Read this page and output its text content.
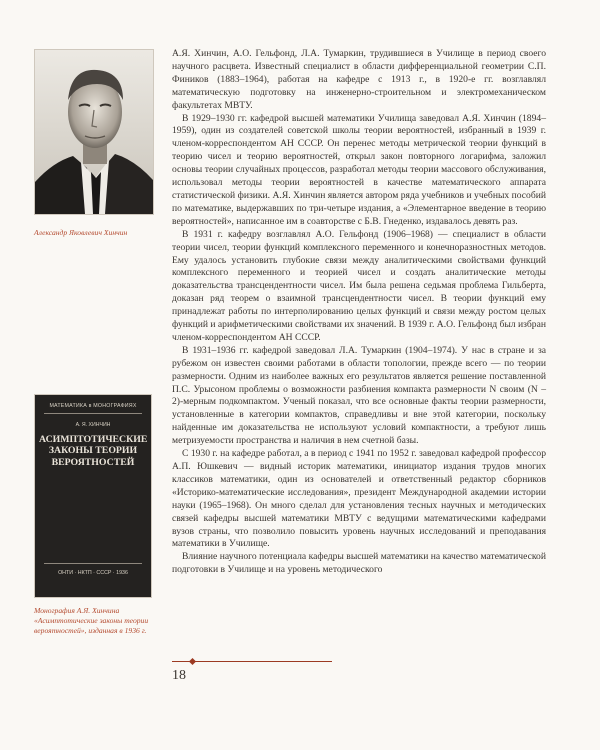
Александр Яковлевич Хинчин
МАТЕМАТИКА в МОНОГРАФИЯХ
А. Я. ХИНЧИН
АСИМПТОТИЧЕСКИЕ ЗАКОНЫ ТЕОРИИ ВЕРОЯТНОСТЕЙ
ОНТИ · НКТП · СССР · 1936
Монография А.Я. Хинчина «Асимптотические законы теории вероятностей», изданная в 1936 г.

А.Я. Хинчин, А.О. Гельфонд, Л.А. Тумаркин, трудившиеся в Училище в период своего научного расцвета. Известный специалист в области дифференциальной геометрии С.П. Фиников (1883–1964), работая на кафедре с 1913 г., в 1920-е гг. возглавлял математическую подготовку на инженерно-строительном и электромеханическом факультетах МВТУ.

В 1929–1930 гг. кафедрой высшей математики Училища заведовал А.Я. Хинчин (1894–1959), один из создателей советской школы теории вероятностей, избранный в 1939 г. членом-корреспондентом АН СССР. Он перенес методы метрической теории функций в теорию чисел и теорию вероятностей, открыл закон повторного логарифма, заложил основы теории случайных процессов, разработал методы теории массового обслуживания, использовал методы теории вероятностей в качестве математического аппарата статистической физики. А.Я. Хинчин является автором ряда учебников и учебных пособий по математике, выдержавших по три-четыре издания, а «Элементарное введение в теорию вероятностей», написанное им в соавторстве с Б.В. Гнеденко, издавалось девять раз.

В 1931 г. кафедру возглавлял А.О. Гельфонд (1906–1968) — специалист в области теории чисел, теории функций комплексного переменного и конечноразностных методов. Ему удалось установить глубокие связи между аналитическими свойствами функций комплексного переменного и теорией чисел и создать аналитические методы доказательства трансцендентности чисел. Им была решена седьмая проблема Гильберта, доказан ряд теорем о взаимной трансцендентности чисел. В теории функций ему принадлежат работы по интерполированию целых функций и связи между ростом целых функций и арифметическими свойствами их значений. В 1939 г. А.О. Гельфонд был избран членом-корреспондентом АН СССР.

В 1931–1936 гг. кафедрой заведовал Л.А. Тумаркин (1904–1974). У нас в стране и за рубежом он известен своими работами в области топологии, прежде всего — по теории размерности. Одним из наиболее важных его результатов является решение поставленной П.С. Урысоном проблемы о возможности разбиения компакта размерности N своим (N – 2)-мерным подкомпактом. Ученый показал, что все основные факты теории размерности, установленные в категории компактов, справедливы и вне этой категории, поскольку найденные им доказательства не используют условий компактности, а требуют лишь метризуемости пространства и наличия в нем счетной базы.

С 1930 г. на кафедре работал, а в период с 1941 по 1952 г. заведовал кафедрой профессор А.П. Юшкевич — видный историк математики, инициатор издания трудов многих классиков математики, один из основателей и ответственный редактор сборников «Историко-математические исследования», президент Международной академии истории науки (1965–1968). Он много сделал для установления тесных научных и методических связей кафедры высшей математики МВТУ с ведущими математическими кафедрами вузов страны, что позволило повысить уровень научных исследований и преподавания математики в Училище.

Влияние научного потенциала кафедры высшей математики на качество математической подготовки в Училище и на уровень методического

18
